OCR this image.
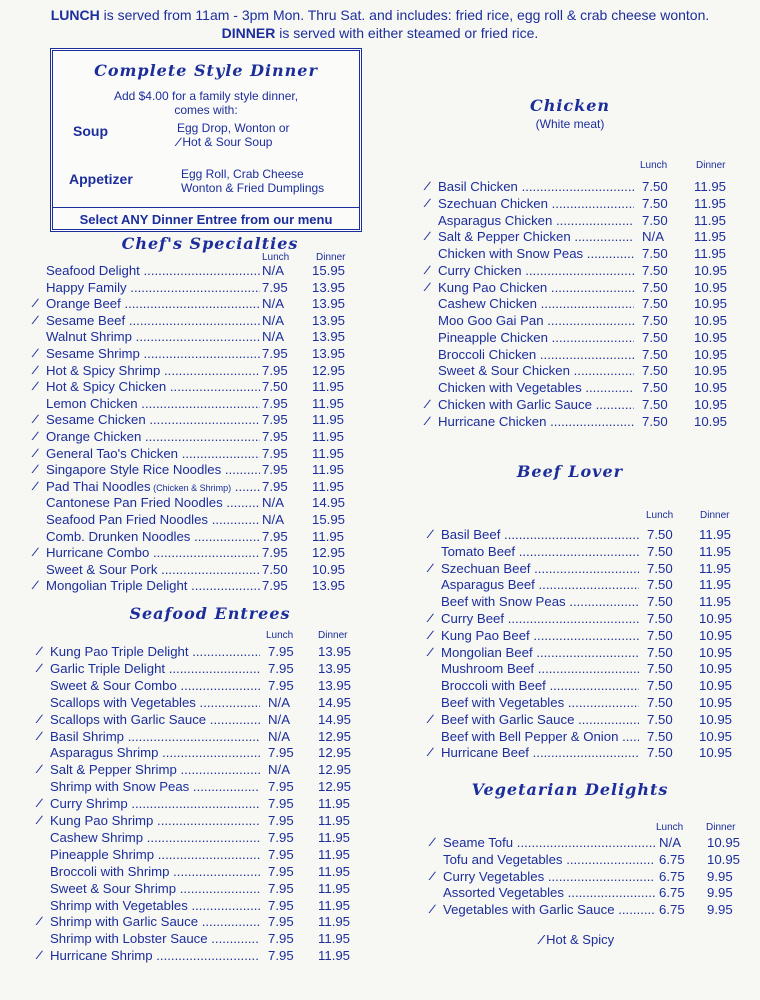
LUNCH is served from 11am - 3pm Mon. Thru Sat. and includes: fried rice, egg roll & crab cheese wonton.
DINNER is served with either steamed or fried rice.
Complete Style Dinner
Add $4.00 for a family style dinner,
comes with:
Soup	Egg Drop, Wonton or
∕ Hot & Sour Soup
Appetizer	Egg Roll, Crab Cheese
Wonton & Fried Dumplings
Select ANY Dinner Entree from our menu
Chef's Specialties
Lunch	Dinner
Seafood Entrees
Lunch Dinner
Chicken
(White meat)
Lunch	Dinner
Beef Lover
Lunch	Dinner
Vegetarian Delights
Lunch Dinner
Seafood Delight .....	N/A 15.95
Happy Family .....	7.95 13.95
∕ Orange Beef .....	N/A 13.95
∕ Sesame Beef .....	N/A 13.95
Walnut Shrimp .....	N/A 13.95
∕ Sesame Shrimp .....	7.95 13.95
∕ Hot & Spicy Shrimp .....	7.95 12.95
∕ Hot & Spicy Chicken .....	7.50 11.95
Lemon Chicken .....	7.95 11.95
∕ Sesame Chicken .....	7.95 11.95
∕ Orange Chicken .....	7.95 11.95
∕ General Tao's Chicken .....	7.95 11.95
∕ Singapore Style Rice Noodles .....	7.95 11.95
∕ Pad Thai Noodles (Chicken & Shrimp) .....	7.95 11.95
Cantonese Pan Fried Noodles .....	N/A 14.95
Seafood Pan Fried Noodles .....	N/A 15.95
Comb. Drunken Noodles .....	7.95 11.95
∕ Hurricane Combo .....	7.95 12.95
Sweet & Sour Pork .....	7.50 10.95
∕ Mongolian Triple Delight .....	7.95 13.95
∕ Kung Pao Triple Delight .....	7.95 13.95
∕ Garlic Triple Delight .....	7.95 13.95
Sweet & Sour Combo .....	7.95 13.95
Scallops with Vegetables .....	N/A 14.95
∕ Scallops with Garlic Sauce .....	N/A 14.95
∕ Basil Shrimp .....	N/A 12.95
Asparagus Shrimp .....	7.95 12.95
∕ Salt & Pepper Shrimp .....	N/A 12.95
Shrimp with Snow Peas .....	7.95 12.95
∕ Curry Shrimp .....	7.95 11.95
∕ Kung Pao Shrimp .....	7.95 11.95
Cashew Shrimp .....	7.95 11.95
Pineapple Shrimp .....	7.95 11.95
Broccoli with Shrimp .....	7.95 11.95
Sweet & Sour Shrimp .....	7.95 11.95
Shrimp with Vegetables .....	7.95 11.95
∕ Shrimp with Garlic Sauce .....	7.95 11.95
Shrimp with Lobster Sauce .....	7.95 11.95
∕ Hurricane Shrimp .....	7.95 11.95
∕ Basil Chicken .....	7.50 11.95
∕ Szechuan Chicken .....	7.50 11.95
Asparagus Chicken .....	7.50 11.95
∕ Salt & Pepper Chicken .....	N/A 11.95
Chicken with Snow Peas .....	7.50 11.95
∕ Curry Chicken .....	7.50 10.95
∕ Kung Pao Chicken .....	7.50 10.95
Cashew Chicken .....	7.50 10.95
Moo Goo Gai Pan .....	7.50 10.95
Pineapple Chicken .....	7.50 10.95
Broccoli Chicken .....	7.50 10.95
Sweet & Sour Chicken .....	7.50 10.95
Chicken with Vegetables .....	7.50 10.95
∕ Chicken with Garlic Sauce .....	7.50 10.95
∕ Hurricane Chicken .....	7.50 10.95
∕ Basil Beef .....	7.50 11.95
Tomato Beef .....	7.50 11.95
∕ Szechuan Beef .....	7.50 11.95
Asparagus Beef .....	7.50 11.95
Beef with Snow Peas .....	7.50 11.95
∕ Curry Beef .....	7.50 10.95
∕ Kung Pao Beef .....	7.50 10.95
∕ Mongolian Beef .....	7.50 10.95
Mushroom Beef .....	7.50 10.95
Broccoli with Beef .....	7.50 10.95
Beef with Vegetables .....	7.50 10.95
∕ Beef with Garlic Sauce .....	7.50 10.95
Beef with Bell Pepper & Onion .....	7.50 10.95
∕ Hurricane Beef .....	7.50 10.95
∕ Seame Tofu .....	N/A 10.95
Tofu and Vegetables .....	6.75 10.95
∕ Curry Vegetables .....	6.75 9.95
Assorted Vegetables .....	6.75 9.95
∕ Vegetables with Garlic Sauce .....	6.75 9.95
∕ Hot & Spicy
